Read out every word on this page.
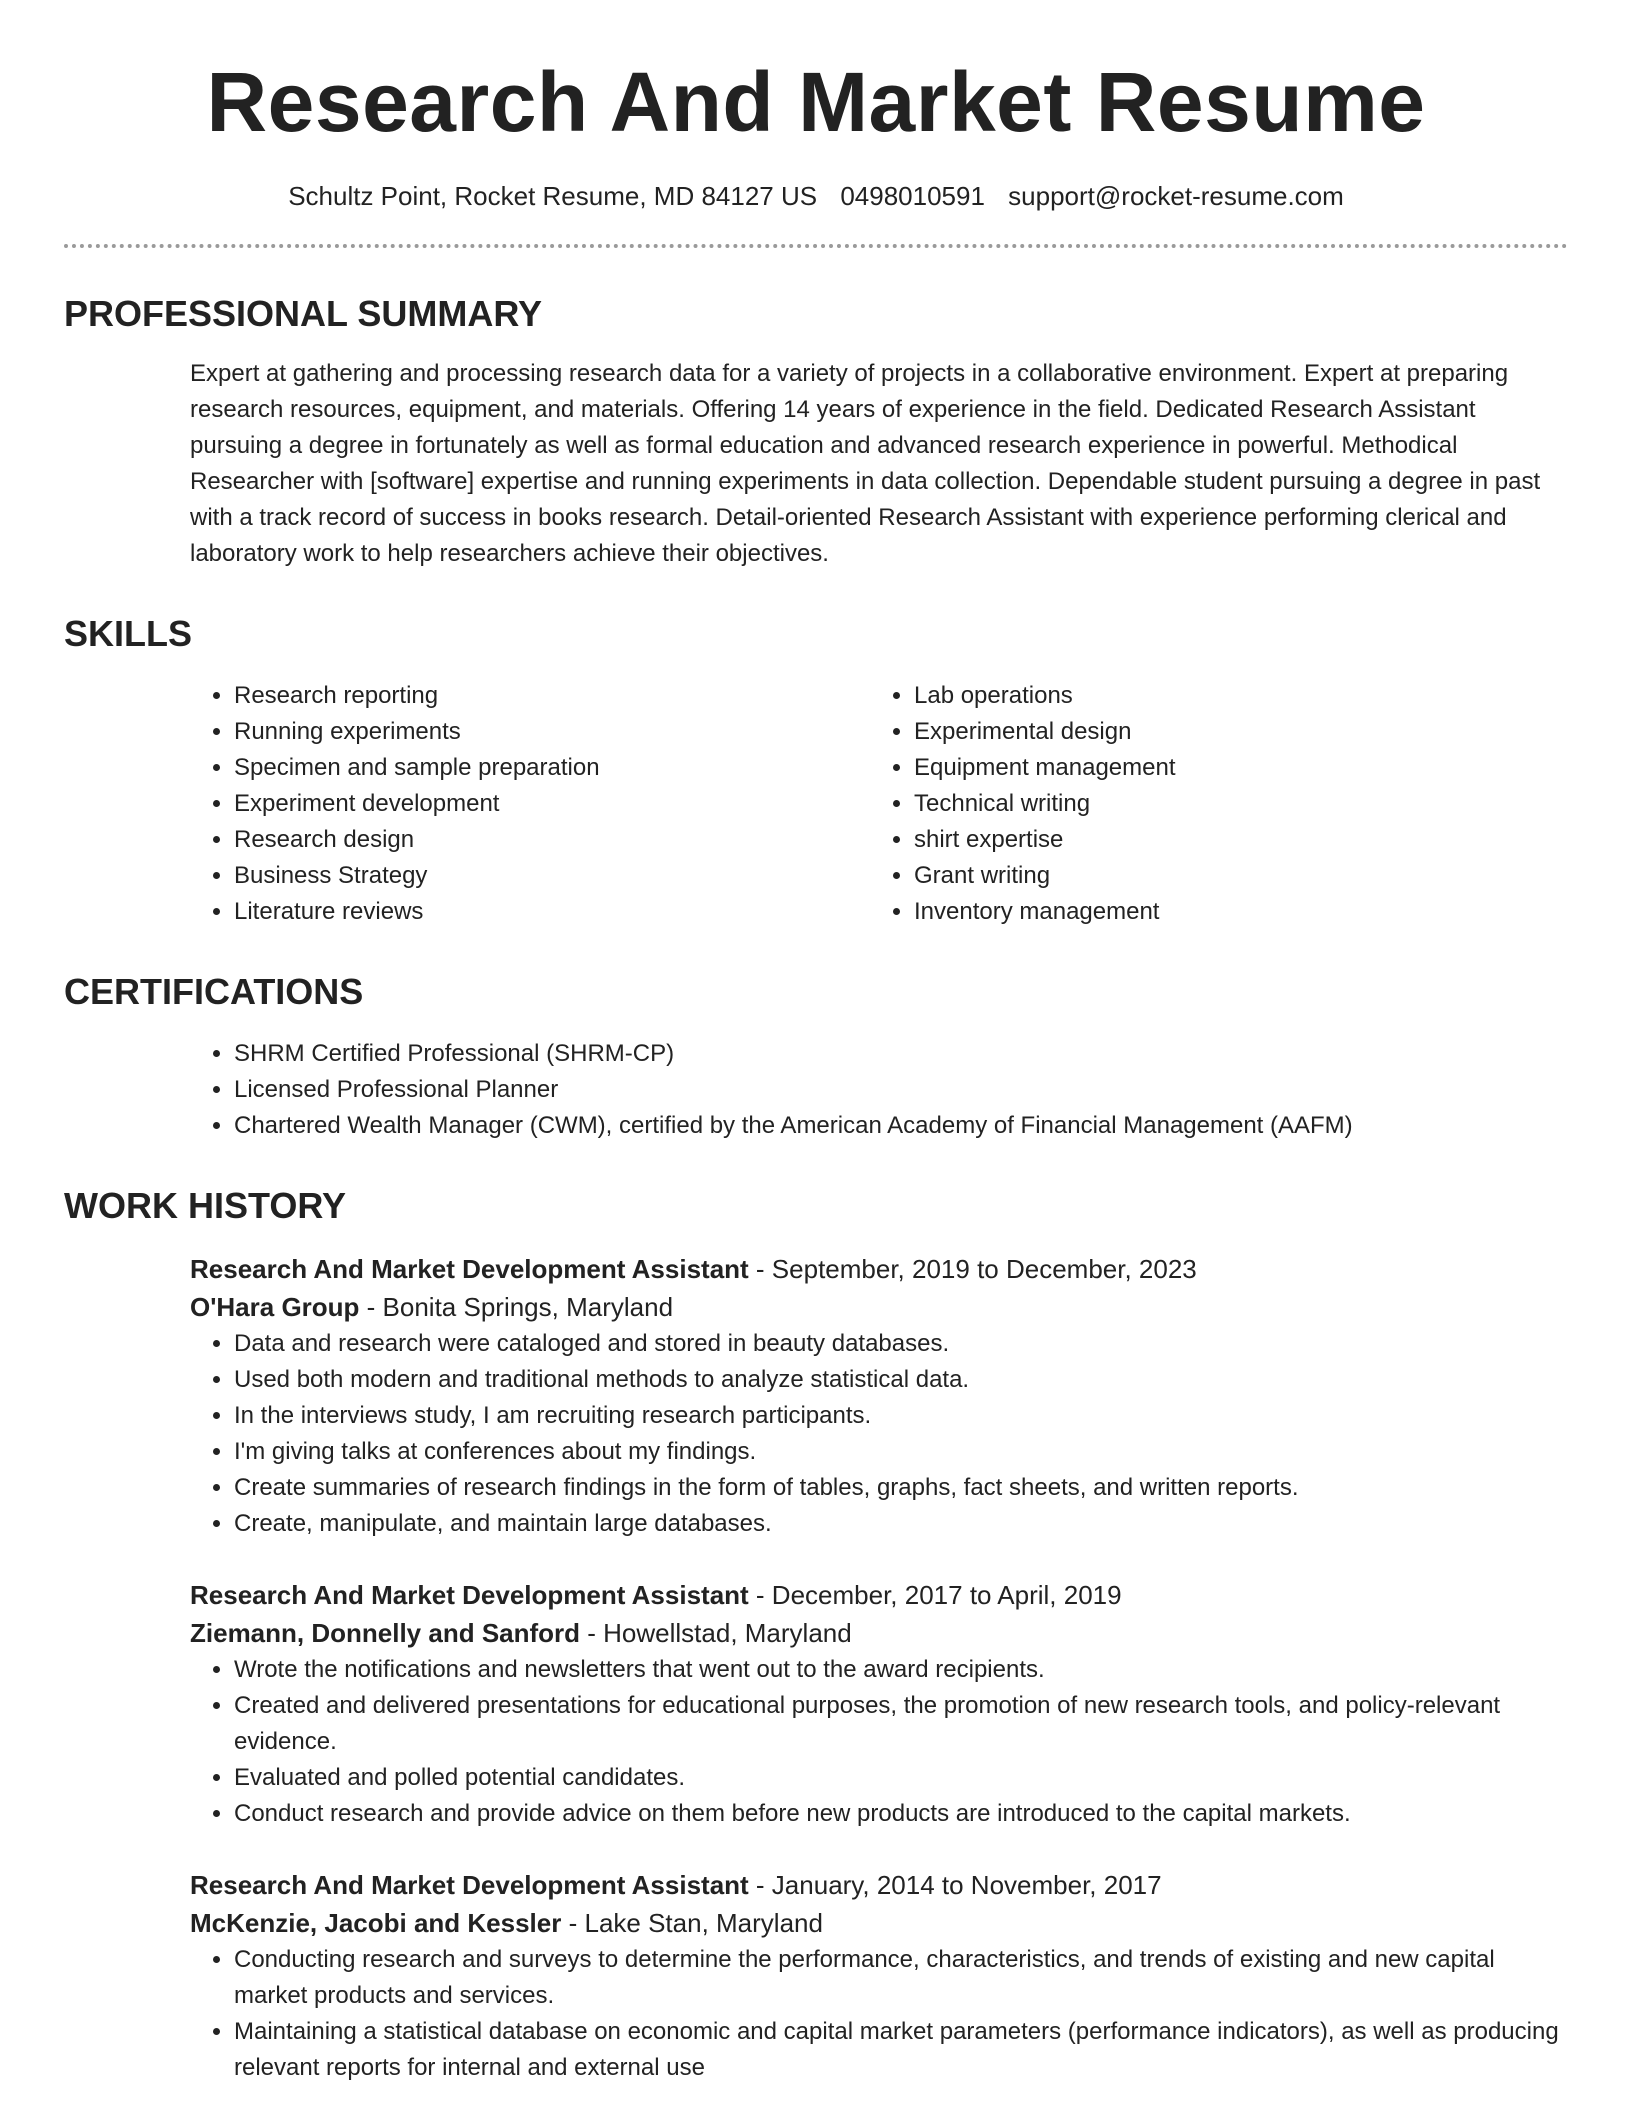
Research And Market Resume
Schultz Point, Rocket Resume, MD 84127 US 0498010591 support@rocket-resume.com
PROFESSIONAL SUMMARY

Expert at gathering and processing research data for a variety of projects in a collaborative environment. Expert at preparing research resources, equipment, and materials. Offering 14 years of experience in the field. Dedicated Research Assistant pursuing a degree in fortunately as well as formal education and advanced research experience in powerful. Methodical Researcher with [software] expertise and running experiments in data collection. Dependable student pursuing a degree in past with a track record of success in books research. Detail-oriented Research Assistant with experience performing clerical and laboratory work to help researchers achieve their objectives.

SKILLS
• Research reporting
• Running experiments
• Specimen and sample preparation
• Experiment development
• Research design
• Business Strategy
• Literature reviews
• Lab operations
• Experimental design
• Equipment management
• Technical writing
• shirt expertise
• Grant writing
• Inventory management
CERTIFICATIONS
• SHRM Certified Professional (SHRM-CP)
• Licensed Professional Planner
• Chartered Wealth Manager (CWM), certified by the American Academy of Financial Management (AAFM)
WORK HISTORY
Research And Market Development Assistant - September, 2019 to December, 2023
O'Hara Group - Bonita Springs, Maryland
• Data and research were cataloged and stored in beauty databases.
• Used both modern and traditional methods to analyze statistical data.
• In the interviews study, I am recruiting research participants.
• I'm giving talks at conferences about my findings.
• Create summaries of research findings in the form of tables, graphs, fact sheets, and written reports.
• Create, manipulate, and maintain large databases.
Research And Market Development Assistant - December, 2017 to April, 2019
Ziemann, Donnelly and Sanford - Howellstad, Maryland
• Wrote the notifications and newsletters that went out to the award recipients.
• Created and delivered presentations for educational purposes, the promotion of new research tools, and policy-relevant evidence.
• Evaluated and polled potential candidates.
• Conduct research and provide advice on them before new products are introduced to the capital markets.
Research And Market Development Assistant - January, 2014 to November, 2017
McKenzie, Jacobi and Kessler - Lake Stan, Maryland
• Conducting research and surveys to determine the performance, characteristics, and trends of existing and new capital market products and services.
• Maintaining a statistical database on economic and capital market parameters (performance indicators), as well as producing relevant reports for internal and external use
